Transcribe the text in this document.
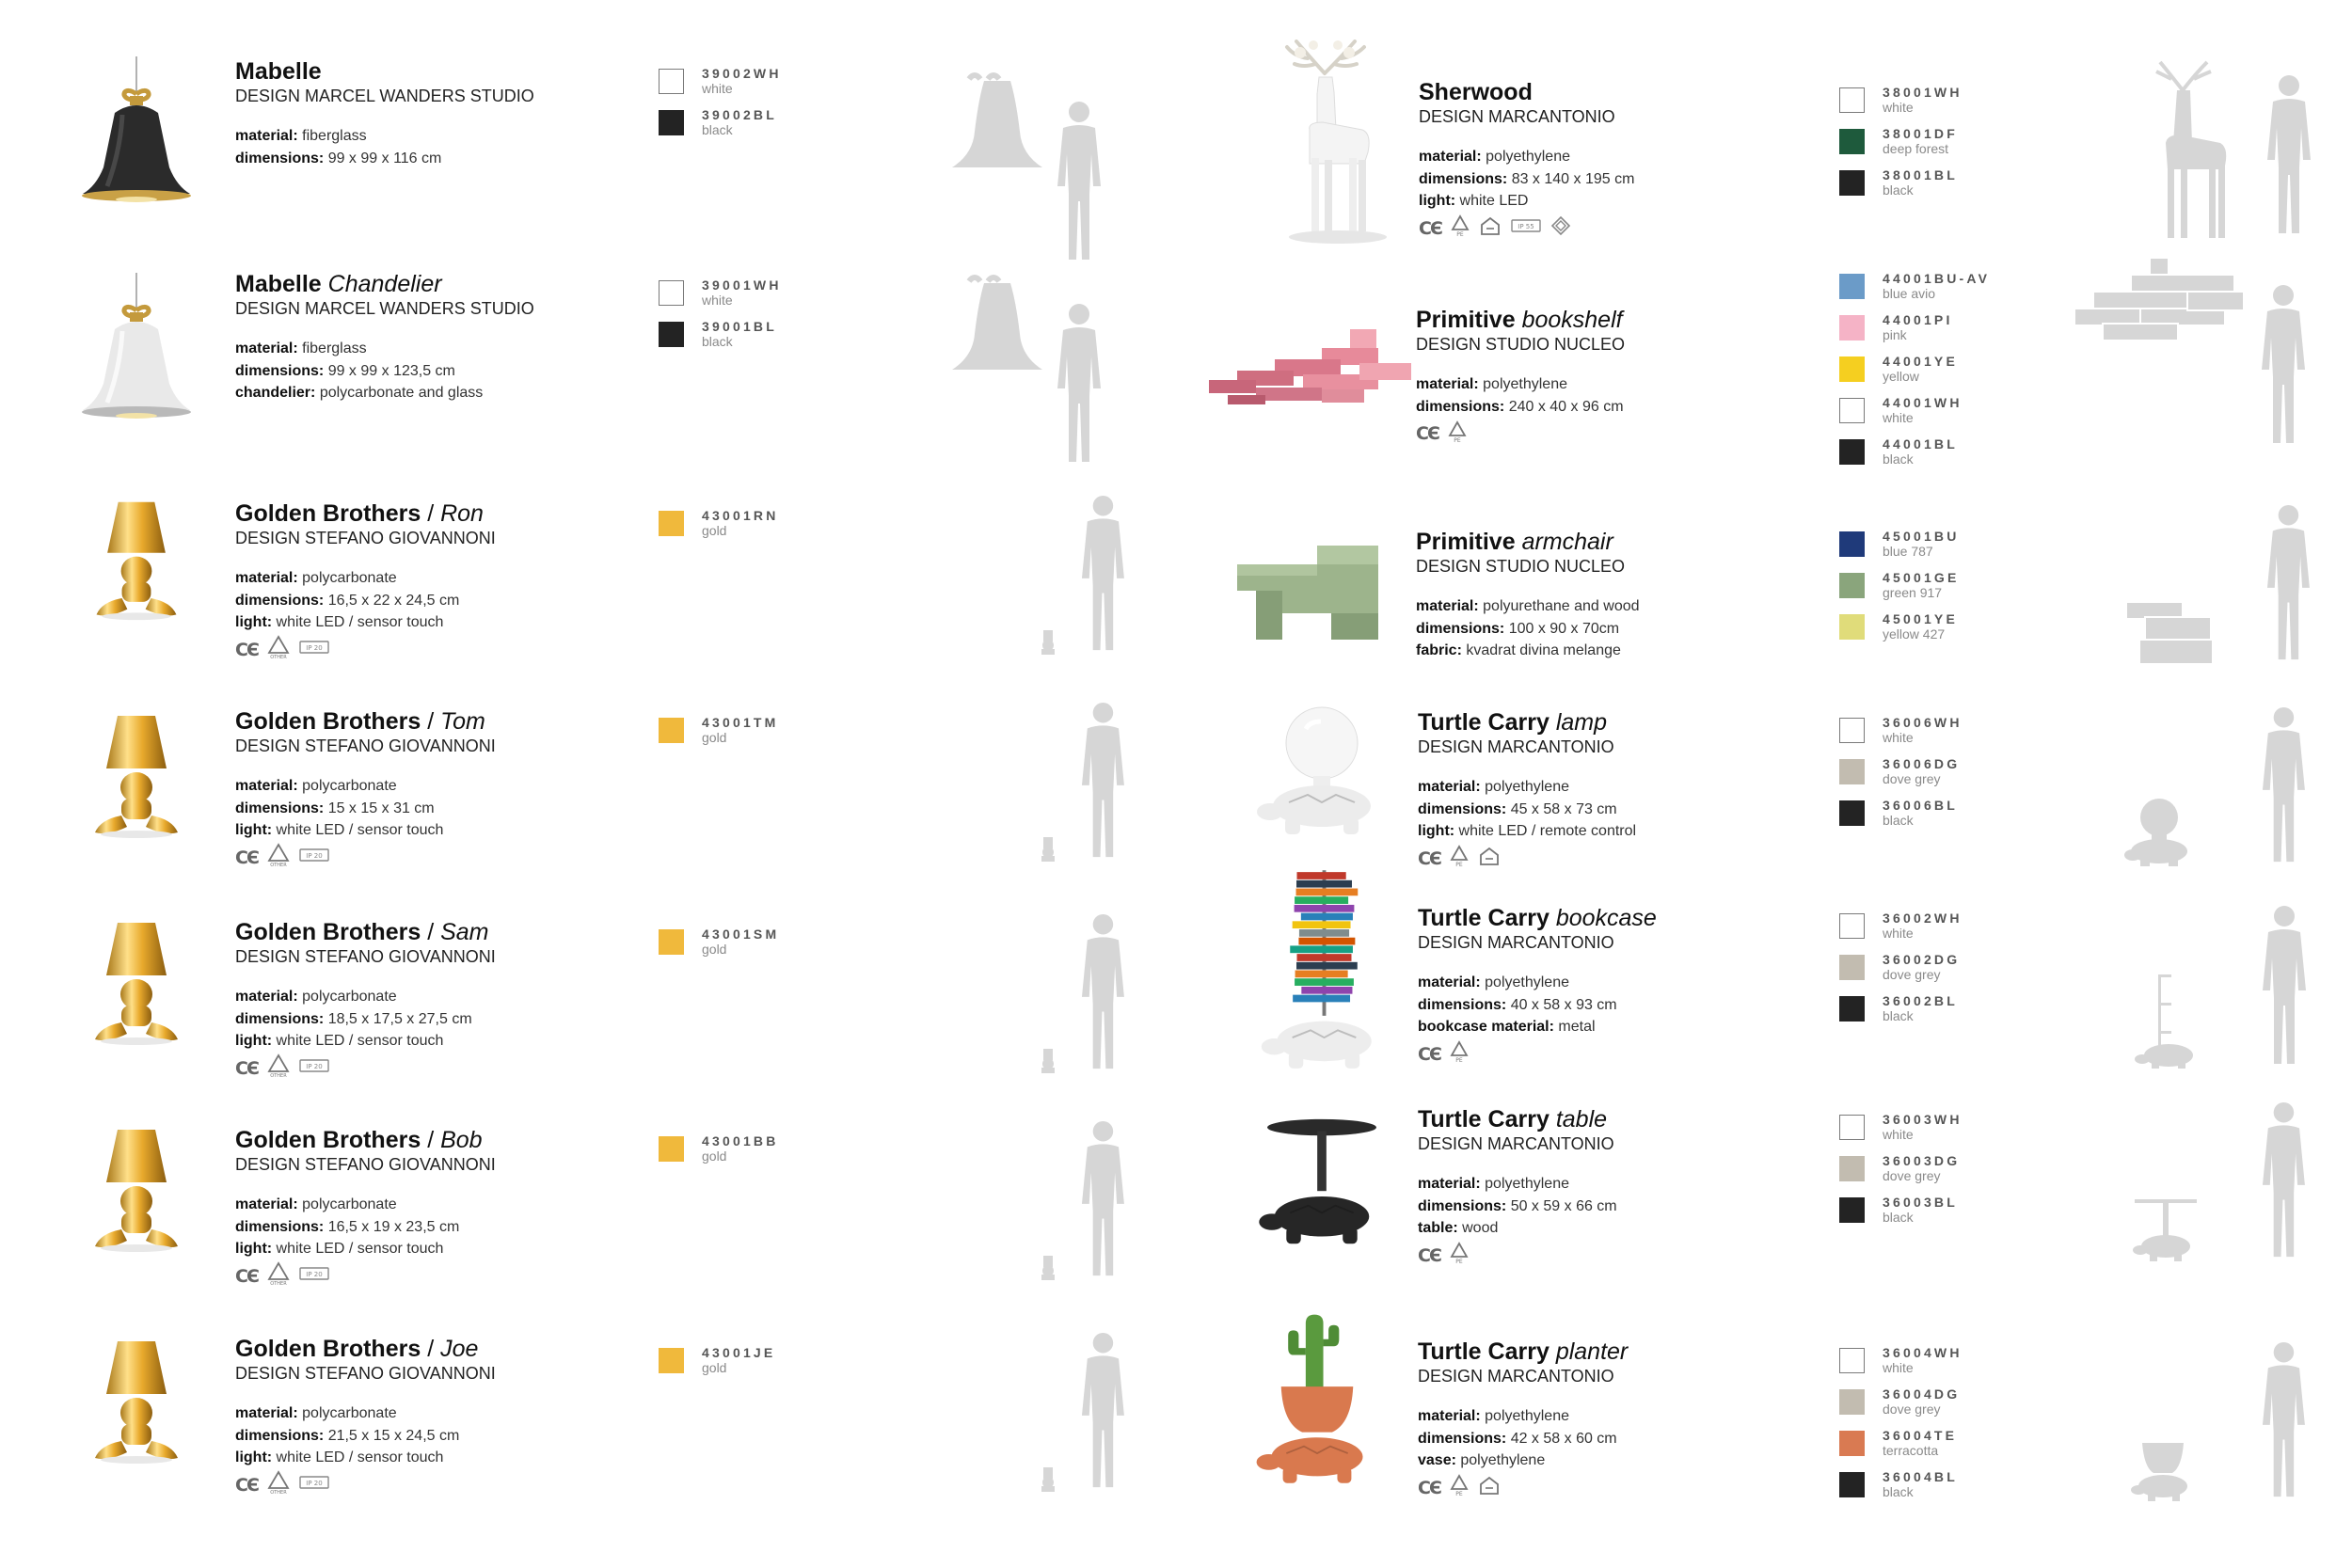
Mabelle
DESIGN MARCEL WANDERS STUDIO
material: fiberglass
dimensions: 99 x 99 x 116 cm
39002WH
white
39002BL
black
Mabelle Chandelier
DESIGN MARCEL WANDERS STUDIO
material: fiberglass
dimensions: 99 x 99 x 123,5 cm
chandelier: polycarbonate and glass
39001WH
white
39001BL
black
Golden Brothers / Ron
DESIGN STEFANO GIOVANNONI
material: polycarbonate
dimensions: 16,5 x 22 x 24,5 cm
light: white LED / sensor touch
CЄ	OTHER
IP 20
43001RN
gold
Golden Brothers / Tom
DESIGN STEFANO GIOVANNONI
material: polycarbonate
dimensions: 15 x 15 x 31 cm
light: white LED / sensor touch
CЄ	OTHER
IP 20
43001TM
gold
Golden Brothers / Sam
DESIGN STEFANO GIOVANNONI
material: polycarbonate
dimensions: 18,5 x 17,5 x 27,5 cm
light: white LED / sensor touch
CЄ	OTHER
IP 20
43001SM
gold
Golden Brothers / Bob
DESIGN STEFANO GIOVANNONI
material: polycarbonate
dimensions: 16,5 x 19 x 23,5 cm
light: white LED / sensor touch
CЄ	OTHER
IP 20
43001BB
gold
Golden Brothers / Joe
DESIGN STEFANO GIOVANNONI
material: polycarbonate
dimensions: 21,5 x 15 x 24,5 cm
light: white LED / sensor touch
CЄ	OTHER
IP 20
43001JE
gold
Sherwood
DESIGN MARCANTONIO
material: polyethylene
dimensions: 83 x 140 x 195 cm
light: white LED
CЄ	PE
IP 55
38001WH
white
38001DF
deep forest
38001BL
black
Primitive bookshelf
DESIGN STUDIO NUCLEO
material: polyethylene
dimensions: 240 x 40 x 96 cm
CЄ	PE
44001BU-AV
blue avio
44001PI
pink
44001YE
yellow
44001WH
white
44001BL
black
Primitive armchair
DESIGN STUDIO NUCLEO
material: polyurethane and wood
dimensions: 100 x 90 x 70cm
fabric: kvadrat divina melange
45001BU
blue 787
45001GE
green 917
45001YE
yellow 427
Turtle Carry lamp
DESIGN MARCANTONIO
material: polyethylene
dimensions: 45 x 58 x 73 cm
light: white LED / remote control
CЄ	PE
36006WH
white
36006DG
dove grey
36006BL
black
Turtle Carry bookcase
DESIGN MARCANTONIO
material: polyethylene
dimensions: 40 x 58 x 93 cm
bookcase material: metal
CЄ	PE
36002WH
white
36002DG
dove grey
36002BL
black
Turtle Carry table
DESIGN MARCANTONIO
material: polyethylene
dimensions: 50 x 59 x 66 cm
table: wood
CЄ	PE
36003WH
white
36003DG
dove grey
36003BL
black
Turtle Carry planter
DESIGN MARCANTONIO
material: polyethylene
dimensions: 42 x 58 x 60 cm
vase: polyethylene
CЄ	PE
36004WH
white
36004DG
dove grey
36004TE
terracotta
36004BL
black
